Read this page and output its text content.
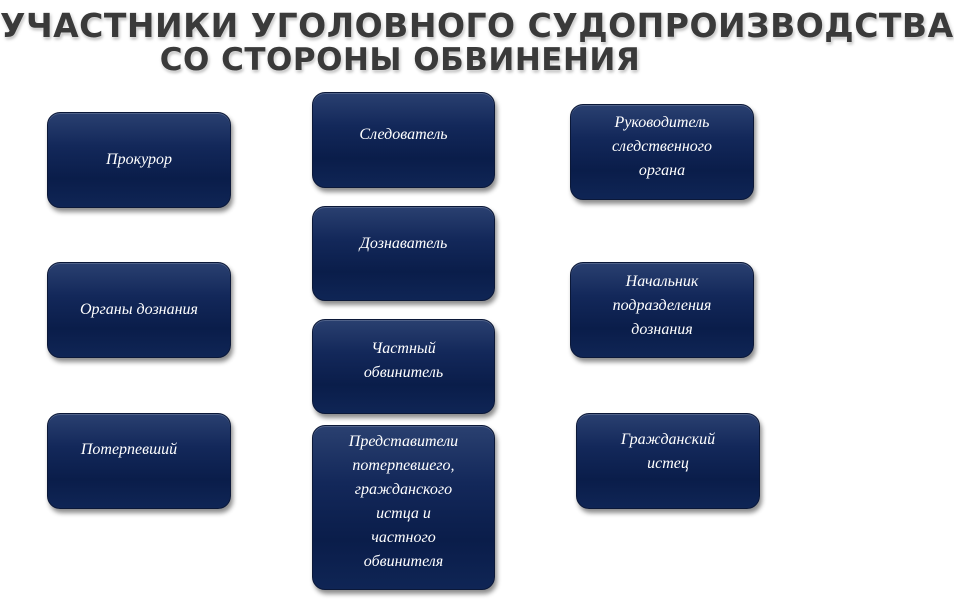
УЧАСТНИКИ УГОЛОВНОГО СУДОПРОИЗВОДСТВА
СО СТОРОНЫ ОБВИНЕНИЯ
Прокурор
Органы дознания
Потерпевший
Следователь
Дознаватель
Частный
обвинитель
Представители
потерпевшего,
гражданского
истца и
частного
обвинителя
Руководитель
следственного
органа
Начальник
подразделения
дознания
Гражданский
истец
